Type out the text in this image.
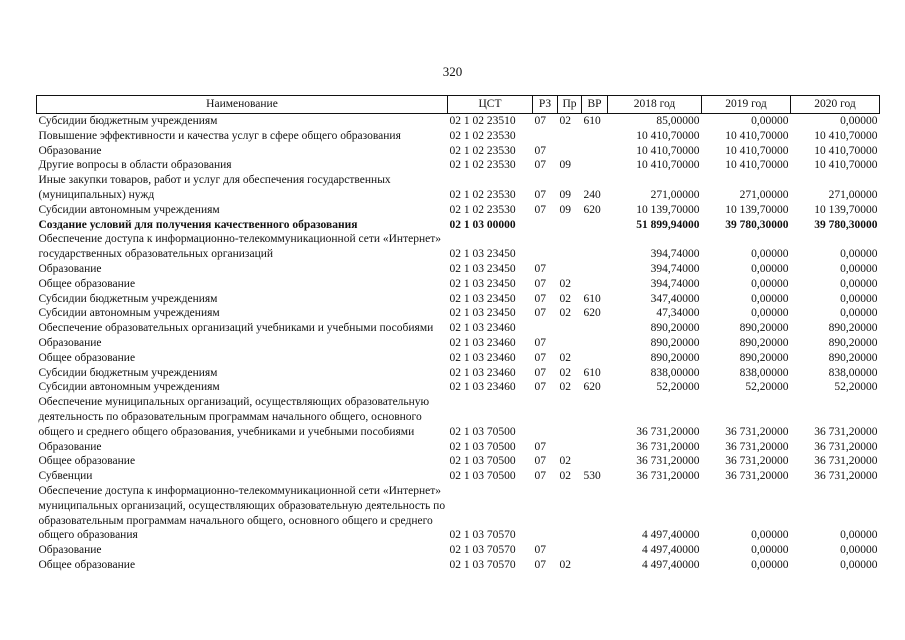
320
Наименование	ЦСТ	РЗ	Пр	ВР	2018 год	2019 год	2020 год
Субсидии бюджетным учреждениям	02 1 02 23510	07	02	610	85,00000	0,00000	0,00000
Повышение эффективности и качества услуг в сфере общего образования	02 1 02 23530				10 410,70000	10 410,70000	10 410,70000
Образование	02 1 02 23530	07			10 410,70000	10 410,70000	10 410,70000
Другие вопросы в области образования	02 1 02 23530	07	09		10 410,70000	10 410,70000	10 410,70000
Иные закупки товаров, работ и услуг для обеспечения государственных (муниципальных) нужд	02 1 02 23530	07	09	240	271,00000	271,00000	271,00000
Субсидии автономным учреждениям	02 1 02 23530	07	09	620	10 139,70000	10 139,70000	10 139,70000
Создание условий для получения качественного образования	02 1 03 00000				51 899,94000	39 780,30000	39 780,30000
Обеспечение доступа к информационно-телекоммуникационной сети «Интернет» государственных образовательных организаций	02 1 03 23450				394,74000	0,00000	0,00000
Образование	02 1 03 23450	07			394,74000	0,00000	0,00000
Общее образование	02 1 03 23450	07	02		394,74000	0,00000	0,00000
Субсидии бюджетным учреждениям	02 1 03 23450	07	02	610	347,40000	0,00000	0,00000
Субсидии автономным учреждениям	02 1 03 23450	07	02	620	47,34000	0,00000	0,00000
Обеспечение образовательных организаций учебниками и учебными пособиями	02 1 03 23460				890,20000	890,20000	890,20000
Образование	02 1 03 23460	07			890,20000	890,20000	890,20000
Общее образование	02 1 03 23460	07	02		890,20000	890,20000	890,20000
Субсидии бюджетным учреждениям	02 1 03 23460	07	02	610	838,00000	838,00000	838,00000
Субсидии автономным учреждениям	02 1 03 23460	07	02	620	52,20000	52,20000	52,20000
Обеспечение муниципальных организаций, осуществляющих образовательную деятельность по образовательным программам начального общего, основного общего и среднего общего образования, учебниками и учебными пособиями	02 1 03 70500				36 731,20000	36 731,20000	36 731,20000
Образование	02 1 03 70500	07			36 731,20000	36 731,20000	36 731,20000
Общее образование	02 1 03 70500	07	02		36 731,20000	36 731,20000	36 731,20000
Субвенции	02 1 03 70500	07	02	530	36 731,20000	36 731,20000	36 731,20000
Обеспечение доступа к информационно-телекоммуникационной сети «Интернет» муниципальных организаций, осуществляющих образовательную деятельность по образовательным программам начального общего, основного общего и среднего общего образования	02 1 03 70570				4 497,40000	0,00000	0,00000
Образование	02 1 03 70570	07			4 497,40000	0,00000	0,00000
Общее образование	02 1 03 70570	07	02		4 497,40000	0,00000	0,00000
